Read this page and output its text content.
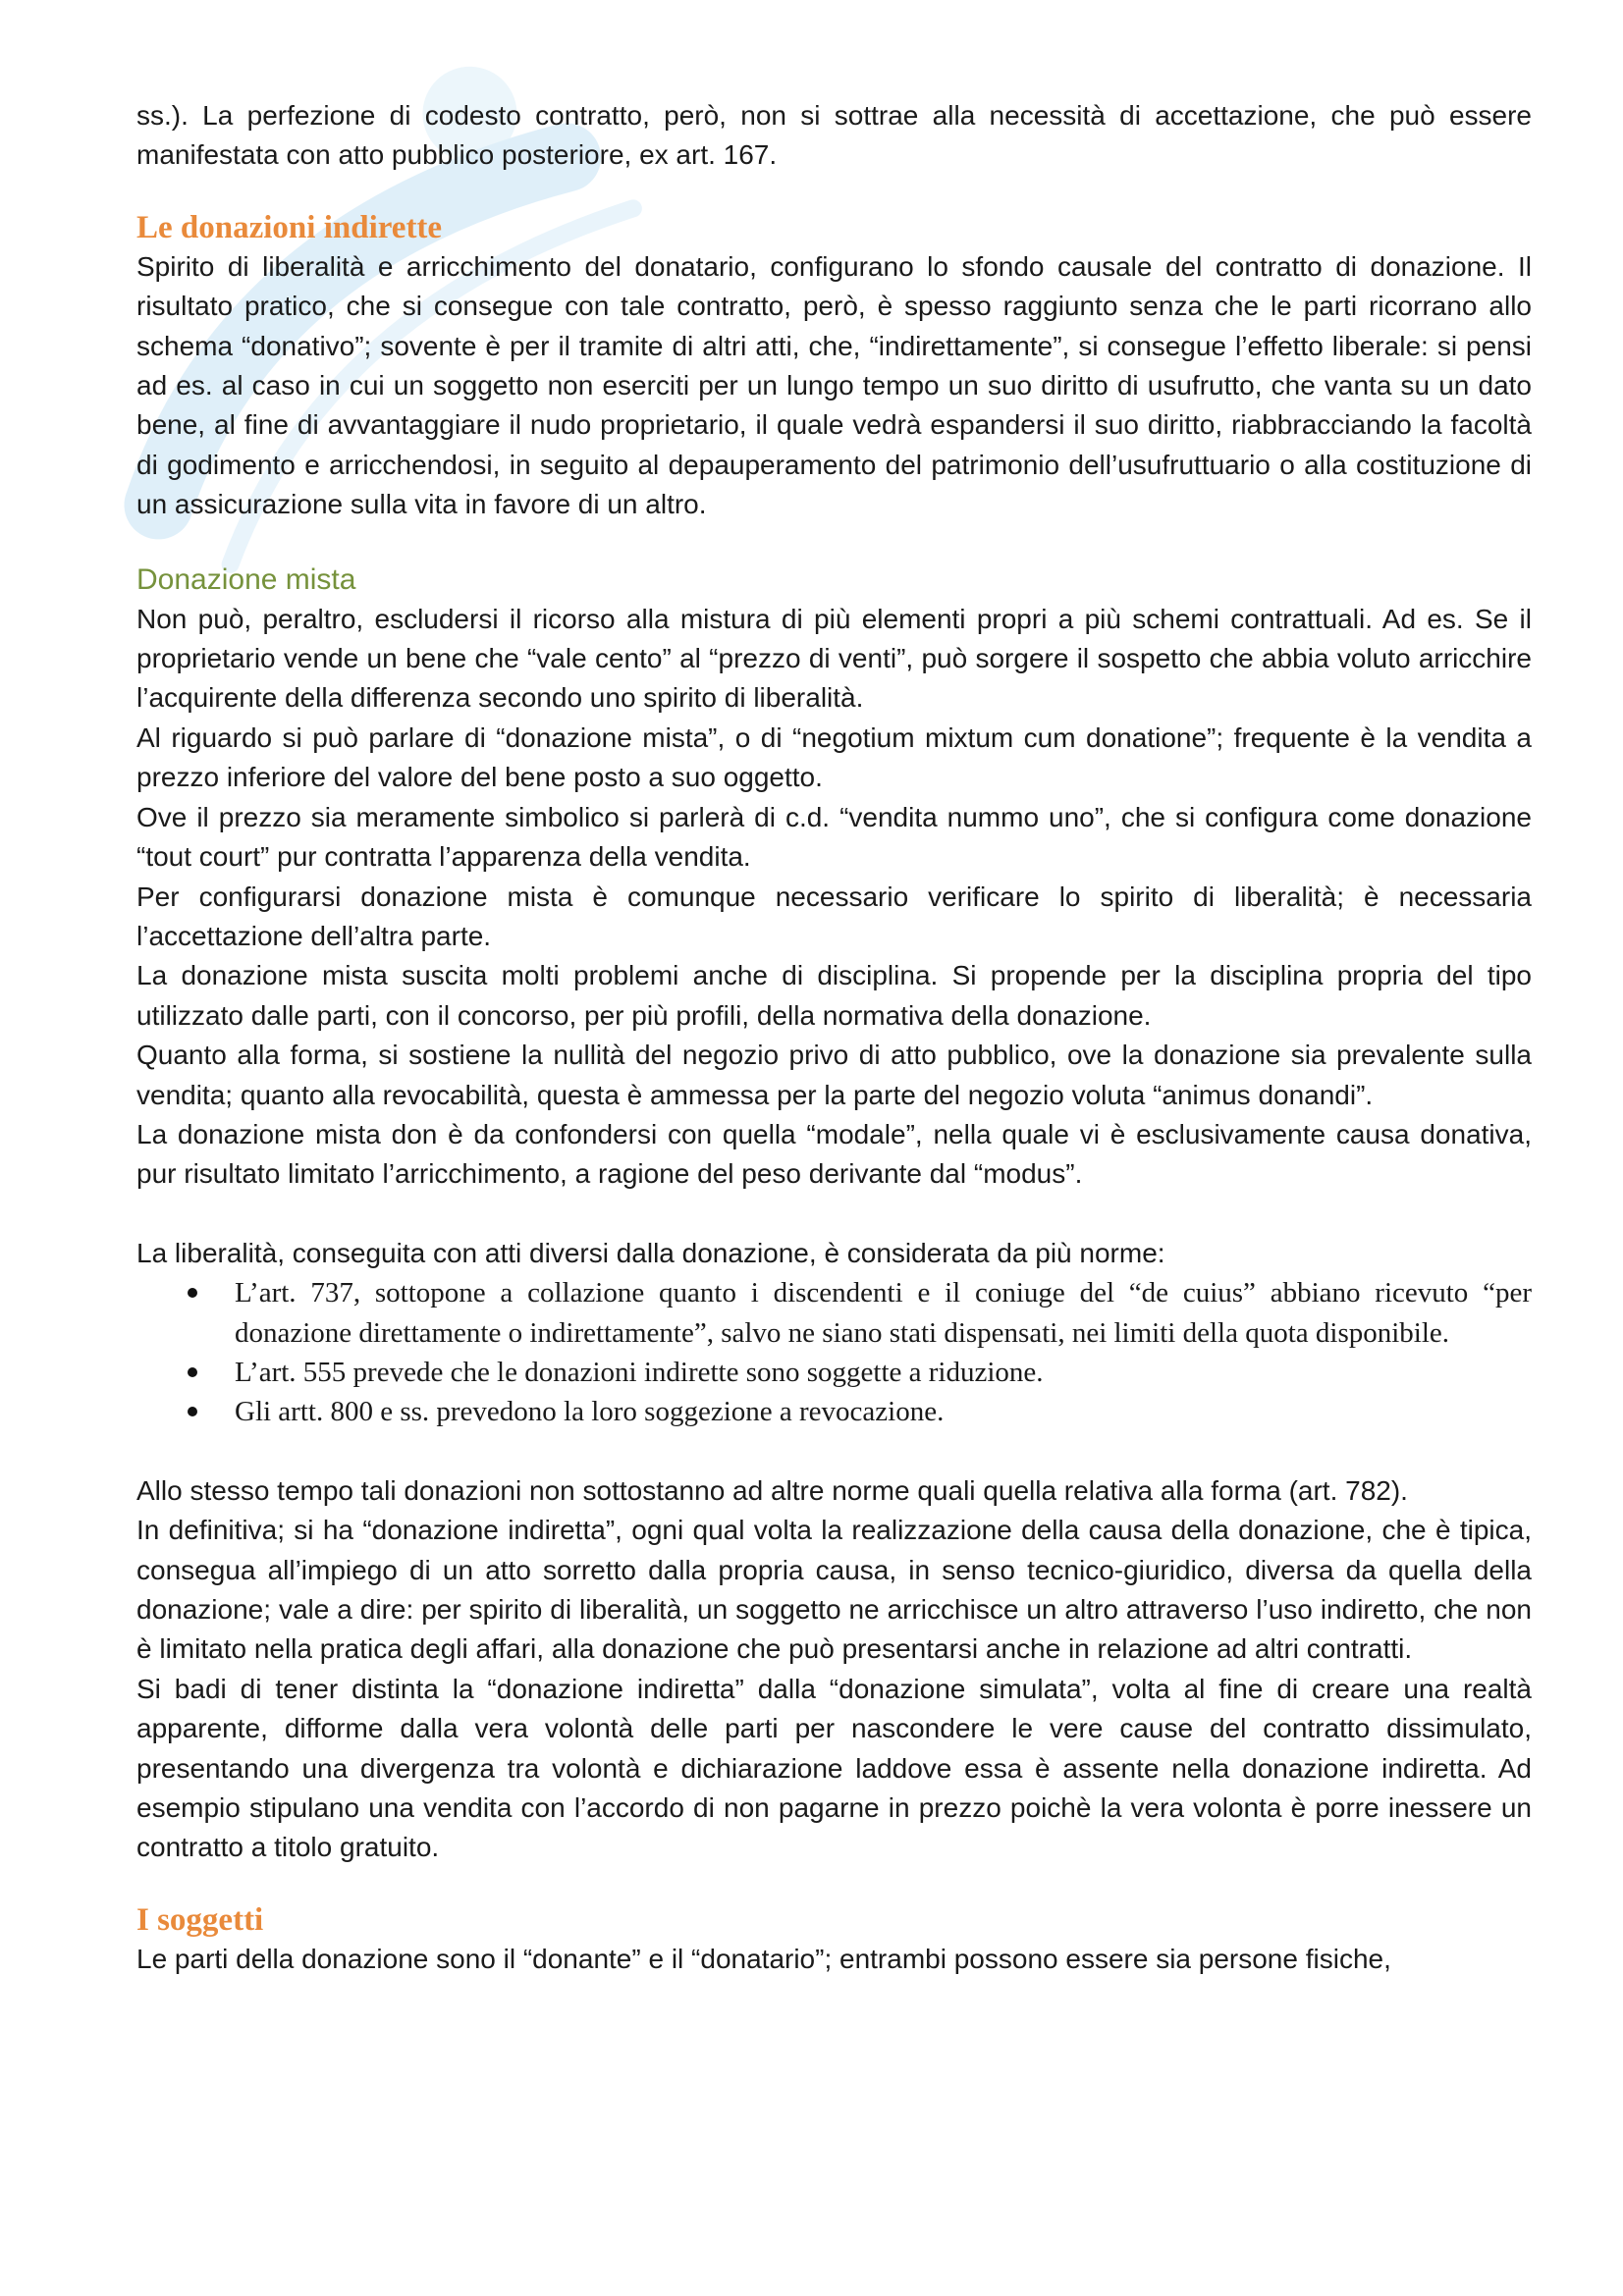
ss.). La perfezione di codesto contratto, però, non si sottrae alla necessità di accettazione, che può essere manifestata con atto pubblico posteriore, ex art. 167.

Le donazioni indirette

Spirito di liberalità e arricchimento del donatario, configurano lo sfondo causale del contratto di donazione. Il risultato pratico, che si consegue con tale contratto, però, è spesso raggiunto senza che le parti ricorrano allo schema “donativo”; sovente è per il tramite di altri atti, che, “indirettamente”, si consegue l’effetto liberale: si pensi ad es. al caso in cui un soggetto non eserciti per un lungo tempo un suo diritto di usufrutto, che vanta su un dato bene, al fine di avvantaggiare il nudo proprietario, il quale vedrà espandersi il suo diritto, riabbracciando la facoltà di godimento e arricchendosi, in seguito al depauperamento del patrimonio dell’usufruttuario o alla costituzione di un assicurazione sulla vita in favore di un altro.

Donazione mista

Non può, peraltro, escludersi il ricorso alla mistura di più elementi propri a più schemi contrattuali. Ad es. Se il proprietario vende un bene che “vale cento” al “prezzo di venti”, può sorgere il sospetto che abbia voluto arricchire l’acquirente della differenza secondo uno spirito di liberalità.

Al riguardo si può parlare di “donazione mista”, o di “negotium mixtum cum donatione”; frequente è la vendita a prezzo inferiore del valore del bene posto a suo oggetto.

Ove il prezzo sia meramente simbolico si parlerà di c.d. “vendita nummo uno”, che si configura come donazione “tout court” pur contratta l’apparenza della vendita.

Per configurarsi donazione mista è comunque necessario verificare lo spirito di liberalità; è necessaria l’accettazione dell’altra parte.

La donazione mista suscita molti problemi anche di disciplina. Si propende per la disciplina propria del tipo utilizzato dalle parti, con il concorso, per più profili, della normativa della donazione.

Quanto alla forma, si sostiene la nullità del negozio privo di atto pubblico, ove la donazione sia prevalente sulla vendita; quanto alla revocabilità, questa è ammessa per la parte del negozio voluta “animus donandi”.

La donazione mista don è da confondersi con quella “modale”, nella quale vi è esclusivamente causa donativa, pur risultato limitato l’arricchimento, a ragione del peso derivante dal “modus”.

La liberalità, conseguita con atti diversi dalla donazione, è considerata da più norme:

L’art. 737, sottopone a collazione quanto i discendenti e il coniuge del “de cuius” abbiano ricevuto “per donazione direttamente o indirettamente”, salvo ne siano stati dispensati, nei limiti della quota disponibile.
L’art. 555 prevede che le donazioni indirette sono soggette a riduzione.
Gli artt. 800 e ss. prevedono la loro soggezione a revocazione.

Allo stesso tempo tali donazioni non sottostanno ad altre norme quali quella relativa alla forma (art. 782).

In definitiva; si ha “donazione indiretta”, ogni qual volta la realizzazione della causa della donazione, che è tipica, consegua all’impiego di un atto sorretto dalla propria causa, in senso tecnico-giuridico, diversa da quella della donazione; vale a dire: per spirito di liberalità, un soggetto ne arricchisce un altro attraverso l’uso indiretto, che non è limitato nella pratica degli affari, alla donazione che può presentarsi anche in relazione ad altri contratti.

Si badi di tener distinta la “donazione indiretta” dalla “donazione simulata”, volta al fine di creare una realtà apparente, difforme dalla vera volontà delle parti per nascondere le vere cause del contratto dissimulato, presentando una divergenza tra volontà e dichiarazione laddove essa è assente nella donazione indiretta. Ad esempio stipulano una vendita con l’accordo di non pagarne in prezzo poichè la vera volonta è porre inessere un contratto a titolo gratuito.

I soggetti

Le parti della donazione sono il “donante” e il “donatario”; entrambi possono essere sia persone fisiche,
